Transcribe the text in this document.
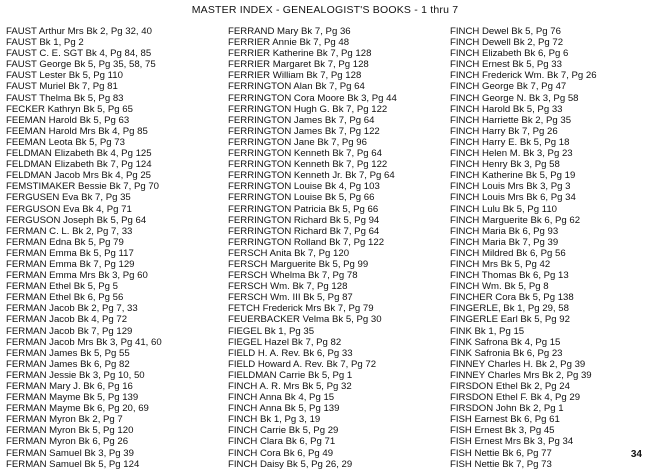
MASTER INDEX - GENEALOGIST'S BOOKS - 1 thru 7
FAUST Arthur Mrs Bk 2, Pg 32, 40
FAUST Bk 1, Pg 2
FAUST C. E. SGT Bk 4, Pg 84, 85
FAUST George Bk 5, Pg 35, 58, 75
FAUST Lester Bk 5, Pg 110
FAUST Muriel Bk 7, Pg 81
FAUST Thelma Bk 5, Pg 83
FECKER Kathryn Bk 5, Pg 65
FEEMAN Harold Bk 5, Pg 63
FEEMAN Harold Mrs Bk 4, Pg 85
FEEMAN Leota Bk 5, Pg 73
FELDMAN Elizabeth Bk 4, Pg 125
FELDMAN Elizabeth Bk 7, Pg 124
FELDMAN Jacob Mrs Bk 4, Pg 25
FEMSTIMAKER Bessie Bk 7, Pg 70
FERGUSEN Eva Bk 7, Pg 35
FERGUSON Eva Bk 4, Pg 71
FERGUSON Joseph Bk 5, Pg 64
FERMAN C. L. Bk 2, Pg 7, 33
FERMAN Edna Bk 5, Pg 79
FERMAN Emma Bk 5, Pg 117
FERMAN Emma Bk 7, Pg 129
FERMAN Emma Mrs Bk 3, Pg 60
FERMAN Ethel Bk 5, Pg 5
FERMAN Ethel Bk 6, Pg 56
FERMAN Jacob Bk 2, Pg 7, 33
FERMAN Jacob Bk 4, Pg 72
FERMAN Jacob Bk 7, Pg 129
FERMAN Jacob Mrs Bk 3, Pg 41, 60
FERMAN James Bk 5, Pg 55
FERMAN James Bk 6, Pg 82
FERMAN Jessie Bk 3, Pg 10, 50
FERMAN Mary J. Bk 6, Pg 16
FERMAN Mayme Bk 5, Pg 139
FERMAN Mayme Bk 6, Pg 20, 69
FERMAN Myron Bk 2, Pg 7
FERMAN Myron Bk 5, Pg 120
FERMAN Myron Bk 6, Pg 26
FERMAN Samuel Bk 3, Pg 39
FERMAN Samuel Bk 5, Pg 124
FERRAND Mary Bk 7, Pg 36
FERRIER Annie Bk 7, Pg 48
FERRIER Katherine Bk 7, Pg 128
FERRIER Margaret Bk 7, Pg 128
FERRIER William Bk 7, Pg 128
FERRINGTON Alan Bk 7, Pg 64
FERRINGTON Cora Moore Bk 3, Pg 44
FERRINGTON Hugh G. Bk 7, Pg 122
FERRINGTON James Bk 7, Pg 64
FERRINGTON James Bk 7, Pg 122
FERRINGTON Jane Bk 7, Pg 96
FERRINGTON Kenneth Bk 7, Pg 64
FERRINGTON Kenneth Bk 7, Pg 122
FERRINGTON Kenneth Jr. Bk 7, Pg 64
FERRINGTON Louise Bk 4, Pg 103
FERRINGTON Louise Bk 5, Pg 66
FERRINGTON Patricia Bk 5, Pg 66
FERRINGTON Richard Bk 5, Pg 94
FERRINGTON Richard Bk 7, Pg 64
FERRINGTON Rolland Bk 7, Pg 122
FERSCH Anita Bk 7, Pg 120
FERSCH Marguerite Bk 5, Pg 99
FERSCH Whelma Bk 7, Pg 78
FERSCH Wm. Bk 7, Pg 128
FERSCH Wm. III Bk 5, Pg 87
FETCH Frederick Mrs Bk 7, Pg 79
FEUERBACKER Velma Bk 5, Pg 30
FIEGEL Bk 1, Pg 35
FIEGEL Hazel Bk 7, Pg 82
FIELD H. A. Rev. Bk 6, Pg 33
FIELD Howard A. Rev. Bk 7, Pg 72
FIELDMAN Carrie Bk 5, Pg 1
FINCH A. R. Mrs Bk 5, Pg 32
FINCH Anna Bk 4, Pg 15
FINCH Anna Bk 5, Pg 139
FINCH Bk 1, Pg 3, 19
FINCH Carrie Bk 5, Pg 29
FINCH Clara Bk 6, Pg 71
FINCH Cora Bk 6, Pg 49
FINCH Daisy Bk 5, Pg 26, 29
FINCH Dewel Bk 5, Pg 76
FINCH Dewell Bk 2, Pg 72
FINCH Elizabeth Bk 6, Pg 6
FINCH Ernest Bk 5, Pg 33
FINCH Frederick Wm. Bk 7, Pg 26
FINCH George Bk 7, Pg 47
FINCH George N. Bk 3, Pg 58
FINCH Harold Bk 5, Pg 33
FINCH Harriette Bk 2, Pg 35
FINCH Harry Bk 7, Pg 26
FINCH Harry E. Bk 5, Pg 18
FINCH Helen M. Bk 3, Pg 23
FINCH Henry Bk 3, Pg 58
FINCH Katherine Bk 5, Pg 19
FINCH Louis Mrs Bk 3, Pg 3
FINCH Louis Mrs Bk 6, Pg 34
FINCH Lulu Bk 5, Pg 110
FINCH Marguerite Bk 6, Pg 62
FINCH Maria Bk 6, Pg 93
FINCH Maria Bk 7, Pg 39
FINCH Mildred Bk 6, Pg 56
FINCH Mrs Bk 5, Pg 42
FINCH Thomas Bk 6, Pg 13
FINCH Wm. Bk 5, Pg 8
FINCHER Cora Bk 5, Pg 138
FINGERLE, Bk 1, Pg 29, 58
FINGERLE Earl Bk 5, Pg 92
FINK Bk 1, Pg 15
FINK Safrona Bk 4, Pg 15
FINK Safronia Bk 6, Pg 23
FINNEY Charles H. Bk 2, Pg 39
FINNEY Charles Mrs Bk 2, Pg 39
FIRSDON Ethel Bk 2, Pg 24
FIRSDON Ethel F. Bk 4, Pg 29
FIRSDON John Bk 2, Pg 1
FISH Earnest Bk 6, Pg 61
FISH Ernest Bk 3, Pg 45
FISH Ernest Mrs Bk 3, Pg 34
FISH Nettie Bk 6, Pg 77
FISH Nettie Bk 7, Pg 73
34
